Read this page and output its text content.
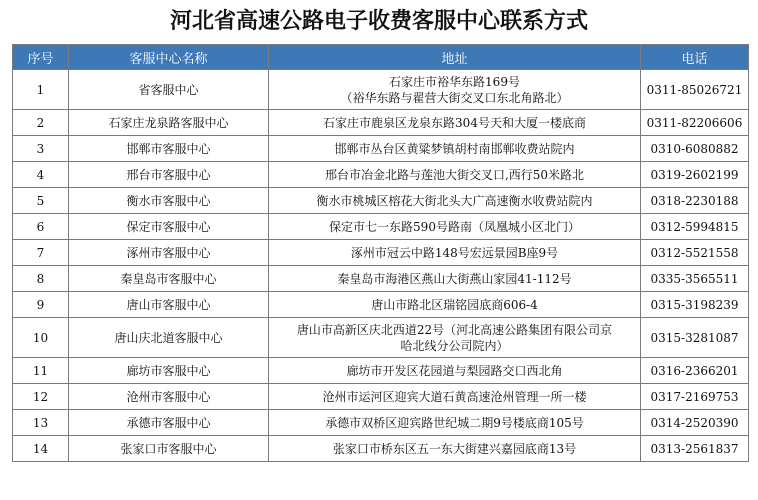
河北省高速公路电子收费客服中心联系方式
序号	客服中心名称	地址	电话
1	省客服中心	石家庄市裕华东路169号
（裕华东路与翟营大街交叉口东北角路北）	0311-85026721
2	石家庄龙泉路客服中心	石家庄市鹿泉区龙泉东路304号天和大厦一楼底商	0311-82206606
3	邯郸市客服中心	邯郸市丛台区黄粱梦镇胡村南邯郸收费站院内	0310-6080882
4	邢台市客服中心	邢台市冶金北路与莲池大街交叉口,西行50米路北	0319-2602199
5	衡水市客服中心	衡水市桃城区榕花大街北头大广高速衡水收费站院内	0318-2230188
6	保定市客服中心	保定市七一东路590号路南（凤凰城小区北门）	0312-5994815
7	涿州市客服中心	涿州市冠云中路148号宏远景园B座9号	0312-5521558
8	秦皇岛市客服中心	秦皇岛市海港区燕山大街燕山家园41-112号	0335-3565511
9	唐山市客服中心	唐山市路北区瑞铭园底商606-4	0315-3198239
10	唐山庆北道客服中心	唐山市高新区庆北西道22号（河北高速公路集团有限公司京
哈北线分公司院内）	0315-3281087
11	廊坊市客服中心	廊坊市开发区花园道与梨园路交口西北角	0316-2366201
12	沧州市客服中心	沧州市运河区迎宾大道石黄高速沧州管理一所一楼	0317-2169753
13	承德市客服中心	承德市双桥区迎宾路世纪城二期9号楼底商105号	0314-2520390
14	张家口市客服中心	张家口市桥东区五一东大街建兴嘉园底商13号	0313-2561837
